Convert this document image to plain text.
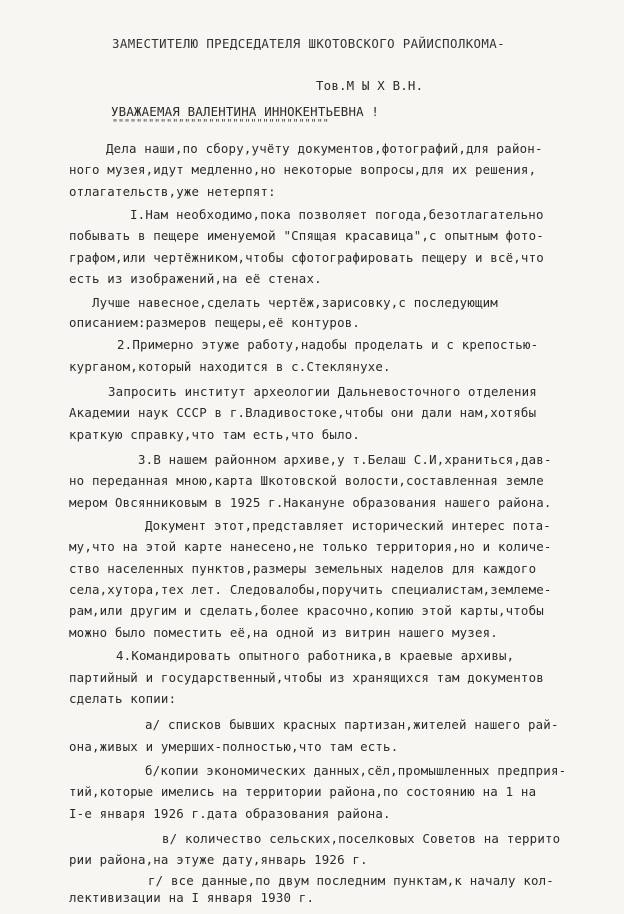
ЗАМЕСТИТЕЛЮ ПРЕДСЕДАТЕЛЯ ШКОТОВСКОГО РАЙИСПОЛКОМА-
Тов.М Ы Х В.Н.
УВАЖАЕМАЯ ВАЛЕНТИНА ИННОКЕНТЬЕВНА !
""""""""""""""""""""""""""""""""""""
Дела наши,по сбору,учёту документов,фотографий,для район-
ного музея,идут медленно,но некоторые вопросы,для их решения,
отлагательств,уже нетерпят:
I.Нам необходимо,пока позволяет погода,безотлагательно
побывать в пещере именуемой "Спящая красавица",с опытным фото-
графом,или чертёжником,чтобы сфотографировать пещеру и всё,что
есть из изображений,на её стенах.
Лучше навесное,сделать чертёж,зарисовку,с последующим
описанием:размеров пещеры,её контуров.
2.Примерно этуже работу,надобы проделать и с крепостью-
курганом,который находится в с.Стеклянухе.
Запросить институт археологии Дальневосточного отделения
Академии наук СССР в г.Владивостоке,чтобы они дали нам,хотябы
краткую справку,что там есть,что было.
3.В нашем районном архиве,у т.Белаш С.И,храниться,дав-
но переданная мною,карта Шкотовской волости,составленная земле
мером Овсянниковым в 1925 г.Накануне образования нашего района.
Документ этот,представляет исторический интерес пота-
му,что на этой карте нанесено,не только территория,но и количе-
ство населенных пунктов,размеры земельных наделов для каждого
села,хутора,тех лет. Следовалобы,поручить специалистам,землеме-
рам,или другим и сделать,более красочно,копию этой карты,чтобы
можно было поместить её,на одной из витрин нашего музея.
4.Командировать опытного работника,в краевые архивы,
партийный и государственный,чтобы из хранящихся там документов
сделать копии:
а/ списков бывших красных партизан,жителей нашего рай-
она,живых и умерших-полностью,что там есть.
б/копии экономических данных,сёл,промышленных предприя-
тий,которые имелись на территории района,по состоянию на 1 на
I-е января 1926 г.дата образования района.
в/ количество сельских,поселковых Советов на террито
рии района,на этуже дату,январь 1926 г.
г/ все данные,по двум последним пунктам,к началу кол-
лективизации на I января 1930 г.
